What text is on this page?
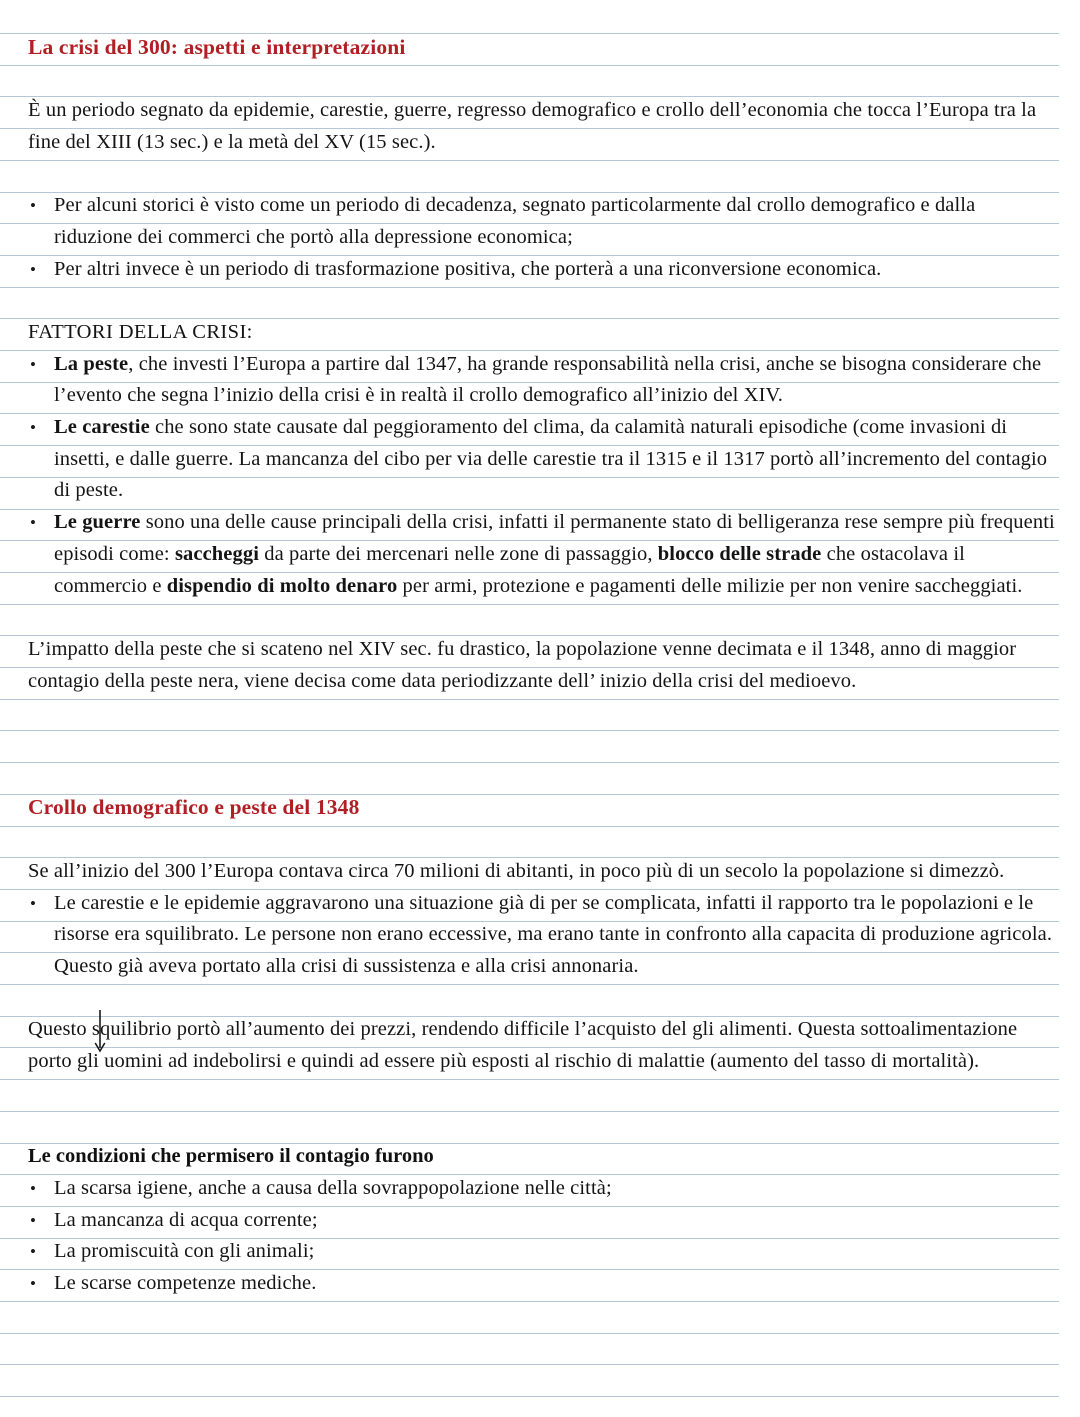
La crisi del 300: aspetti e interpretazioni

È un periodo segnato da epidemie, carestie, guerre, regresso demografico e crollo dell’economia che tocca l’Europa tra la fine del XIII (13 sec.) e la metà del XV (15 sec.).

• Per alcuni storici è visto come un periodo di decadenza, segnato particolarmente dal crollo demografico e dalla riduzione dei commerci che portò alla depressione economica;
• Per altri invece è un periodo di trasformazione positiva, che porterà a una riconversione economica.
FATTORI DELLA CRISI:
• La peste, che investi l’Europa a partire dal 1347, ha grande responsabilità nella crisi, anche se bisogna considerare che l’evento che segna l’inizio della crisi è in realtà il crollo demografico all’inizio del XIV.
• Le carestie che sono state causate dal peggioramento del clima, da calamità naturali episodiche (come invasioni di insetti, e dalle guerre. La mancanza del cibo per via delle carestie tra il 1315 e il 1317 portò all’incremento del contagio di peste.
• Le guerre sono una delle cause principali della crisi, infatti il permanente stato di belligeranza rese sempre più frequenti episodi come: saccheggi da parte dei mercenari nelle zone di passaggio, blocco delle strade che ostacolava il commercio e dispendio di molto denaro per armi, protezione e pagamenti delle milizie per non venire saccheggiati.

L’impatto della peste che si scateno nel XIV sec. fu drastico, la popolazione venne decimata e il 1348, anno di maggior contagio della peste nera, viene decisa come data periodizzante dell’ inizio della crisi del medioevo.

Crollo demografico e peste del 1348

Se all’inizio del 300 l’Europa contava circa 70 milioni di abitanti, in poco più di un secolo la popolazione si dimezzò.

• Le carestie e le epidemie aggravarono una situazione già di per se complicata, infatti il rapporto tra le popolazioni e le risorse era squilibrato. Le persone non erano eccessive, ma erano tante in confronto alla capacita di produzione agricola. Questo già aveva portato alla crisi di sussistenza e alla crisi annonaria.

Questo squilibrio portò all’aumento dei prezzi, rendendo difficile l’acquisto del gli alimenti. Questa sottoalimentazione porto gli uomini ad indebolirsi e quindi ad essere più esposti al rischio di malattie (aumento del tasso di mortalità).

Le condizioni che permisero il contagio furono
• La scarsa igiene, anche a causa della sovrappopolazione nelle città;
• La mancanza di acqua corrente;
• La promiscuità con gli animali;
• Le scarse competenze mediche.
